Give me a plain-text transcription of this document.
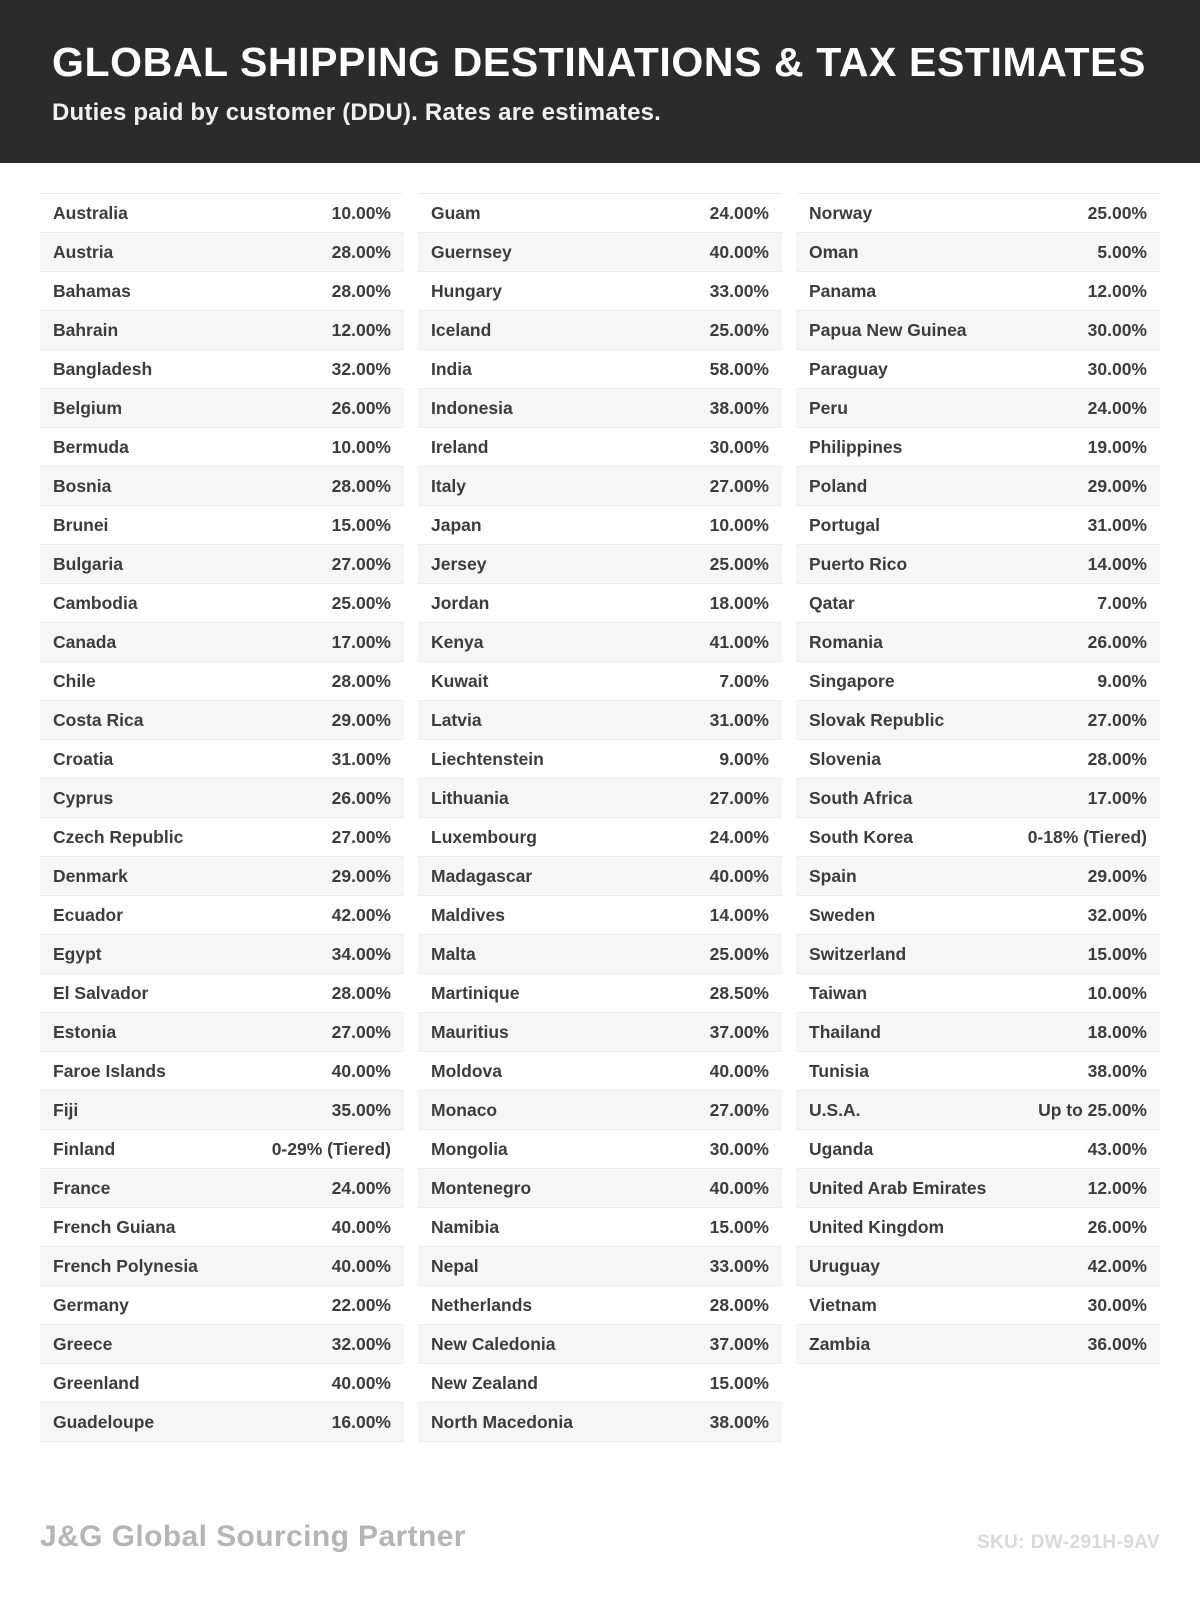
GLOBAL SHIPPING DESTINATIONS & TAX ESTIMATES
Duties paid by customer (DDU). Rates are estimates.
Australia	10.00%
Austria	28.00%
Bahamas	28.00%
Bahrain	12.00%
Bangladesh	32.00%
Belgium	26.00%
Bermuda	10.00%
Bosnia	28.00%
Brunei	15.00%
Bulgaria	27.00%
Cambodia	25.00%
Canada	17.00%
Chile	28.00%
Costa Rica	29.00%
Croatia	31.00%
Cyprus	26.00%
Czech Republic	27.00%
Denmark	29.00%
Ecuador	42.00%
Egypt	34.00%
El Salvador	28.00%
Estonia	27.00%
Faroe Islands	40.00%
Fiji	35.00%
Finland	0-29% (Tiered)
France	24.00%
French Guiana	40.00%
French Polynesia	40.00%
Germany	22.00%
Greece	32.00%
Greenland	40.00%
Guadeloupe	16.00%
Guam	24.00%
Guernsey	40.00%
Hungary	33.00%
Iceland	25.00%
India	58.00%
Indonesia	38.00%
Ireland	30.00%
Italy	27.00%
Japan	10.00%
Jersey	25.00%
Jordan	18.00%
Kenya	41.00%
Kuwait	7.00%
Latvia	31.00%
Liechtenstein	9.00%
Lithuania	27.00%
Luxembourg	24.00%
Madagascar	40.00%
Maldives	14.00%
Malta	25.00%
Martinique	28.50%
Mauritius	37.00%
Moldova	40.00%
Monaco	27.00%
Mongolia	30.00%
Montenegro	40.00%
Namibia	15.00%
Nepal	33.00%
Netherlands	28.00%
New Caledonia	37.00%
New Zealand	15.00%
North Macedonia	38.00%
Norway	25.00%
Oman	5.00%
Panama	12.00%
Papua New Guinea	30.00%
Paraguay	30.00%
Peru	24.00%
Philippines	19.00%
Poland	29.00%
Portugal	31.00%
Puerto Rico	14.00%
Qatar	7.00%
Romania	26.00%
Singapore	9.00%
Slovak Republic	27.00%
Slovenia	28.00%
South Africa	17.00%
South Korea	0-18% (Tiered)
Spain	29.00%
Sweden	32.00%
Switzerland	15.00%
Taiwan	10.00%
Thailand	18.00%
Tunisia	38.00%
U.S.A.	Up to 25.00%
Uganda	43.00%
United Arab Emirates	12.00%
United Kingdom	26.00%
Uruguay	42.00%
Vietnam	30.00%
Zambia	36.00%
J&G Global Sourcing Partner	SKU: DW-291H-9AV
